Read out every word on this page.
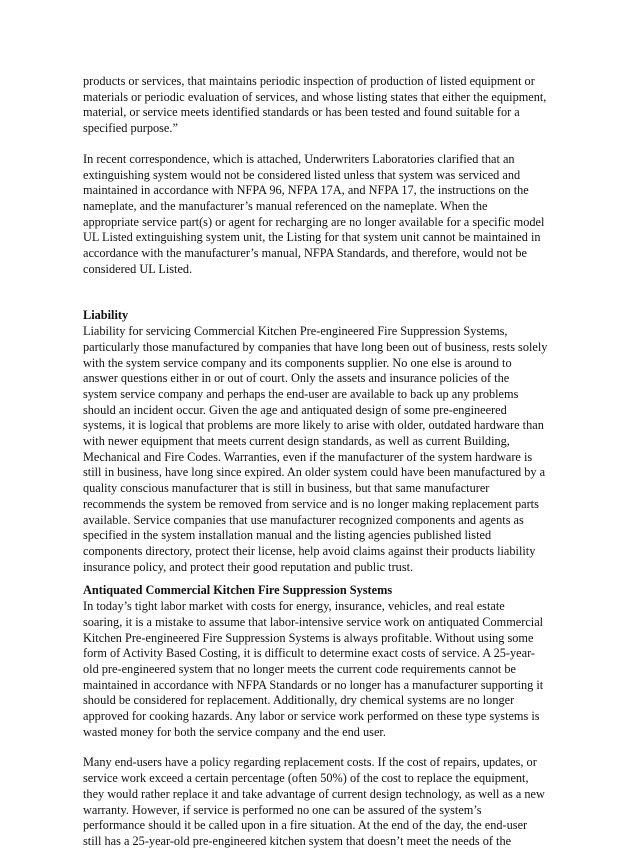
products or services, that maintains periodic inspection of production of listed equipment or
materials or periodic evaluation of services, and whose listing states that either the equipment,
material, or service meets identified standards or has been tested and found suitable for a
specified purpose.”

In recent correspondence, which is attached, Underwriters Laboratories clarified that an
extinguishing system would not be considered listed unless that system was serviced and
maintained in accordance with NFPA 96, NFPA 17A, and NFPA 17, the instructions on the
nameplate, and the manufacturer’s manual referenced on the nameplate. When the
appropriate service part(s) or agent for recharging are no longer available for a specific model
UL Listed extinguishing system unit, the Listing for that system unit cannot be maintained in
accordance with the manufacturer’s manual, NFPA Standards, and therefore, would not be
considered UL Listed.

Liability

Liability for servicing Commercial Kitchen Pre-engineered Fire Suppression Systems,
particularly those manufactured by companies that have long been out of business, rests solely
with the system service company and its components supplier. No one else is around to
answer questions either in or out of court. Only the assets and insurance policies of the
system service company and perhaps the end-user are available to back up any problems
should an incident occur. Given the age and antiquated design of some pre-engineered
systems, it is logical that problems are more likely to arise with older, outdated hardware than
with newer equipment that meets current design standards, as well as current Building,
Mechanical and Fire Codes. Warranties, even if the manufacturer of the system hardware is
still in business, have long since expired. An older system could have been manufactured by a
quality conscious manufacturer that is still in business, but that same manufacturer
recommends the system be removed from service and is no longer making replacement parts
available. Service companies that use manufacturer recognized components and agents as
specified in the system installation manual and the listing agencies published listed
components directory, protect their license, help avoid claims against their products liability
insurance policy, and protect their good reputation and public trust.

Antiquated Commercial Kitchen Fire Suppression Systems

In today’s tight labor market with costs for energy, insurance, vehicles, and real estate
soaring, it is a mistake to assume that labor-intensive service work on antiquated Commercial
Kitchen Pre-engineered Fire Suppression Systems is always profitable. Without using some
form of Activity Based Costing, it is difficult to determine exact costs of service. A 25-year-
old pre-engineered system that no longer meets the current code requirements cannot be
maintained in accordance with NFPA Standards or no longer has a manufacturer supporting it
should be considered for replacement. Additionally, dry chemical systems are no longer
approved for cooking hazards. Any labor or service work performed on these type systems is
wasted money for both the service company and the end user.

Many end-users have a policy regarding replacement costs. If the cost of repairs, updates, or
service work exceed a certain percentage (often 50%) of the cost to replace the equipment,
they would rather replace it and take advantage of current design technology, as well as a new
warranty. However, if service is performed no one can be assured of the system’s
performance should it be called upon in a fire situation. At the end of the day, the end-user
still has a 25-year-old pre-engineered kitchen system that doesn’t meet the needs of the
